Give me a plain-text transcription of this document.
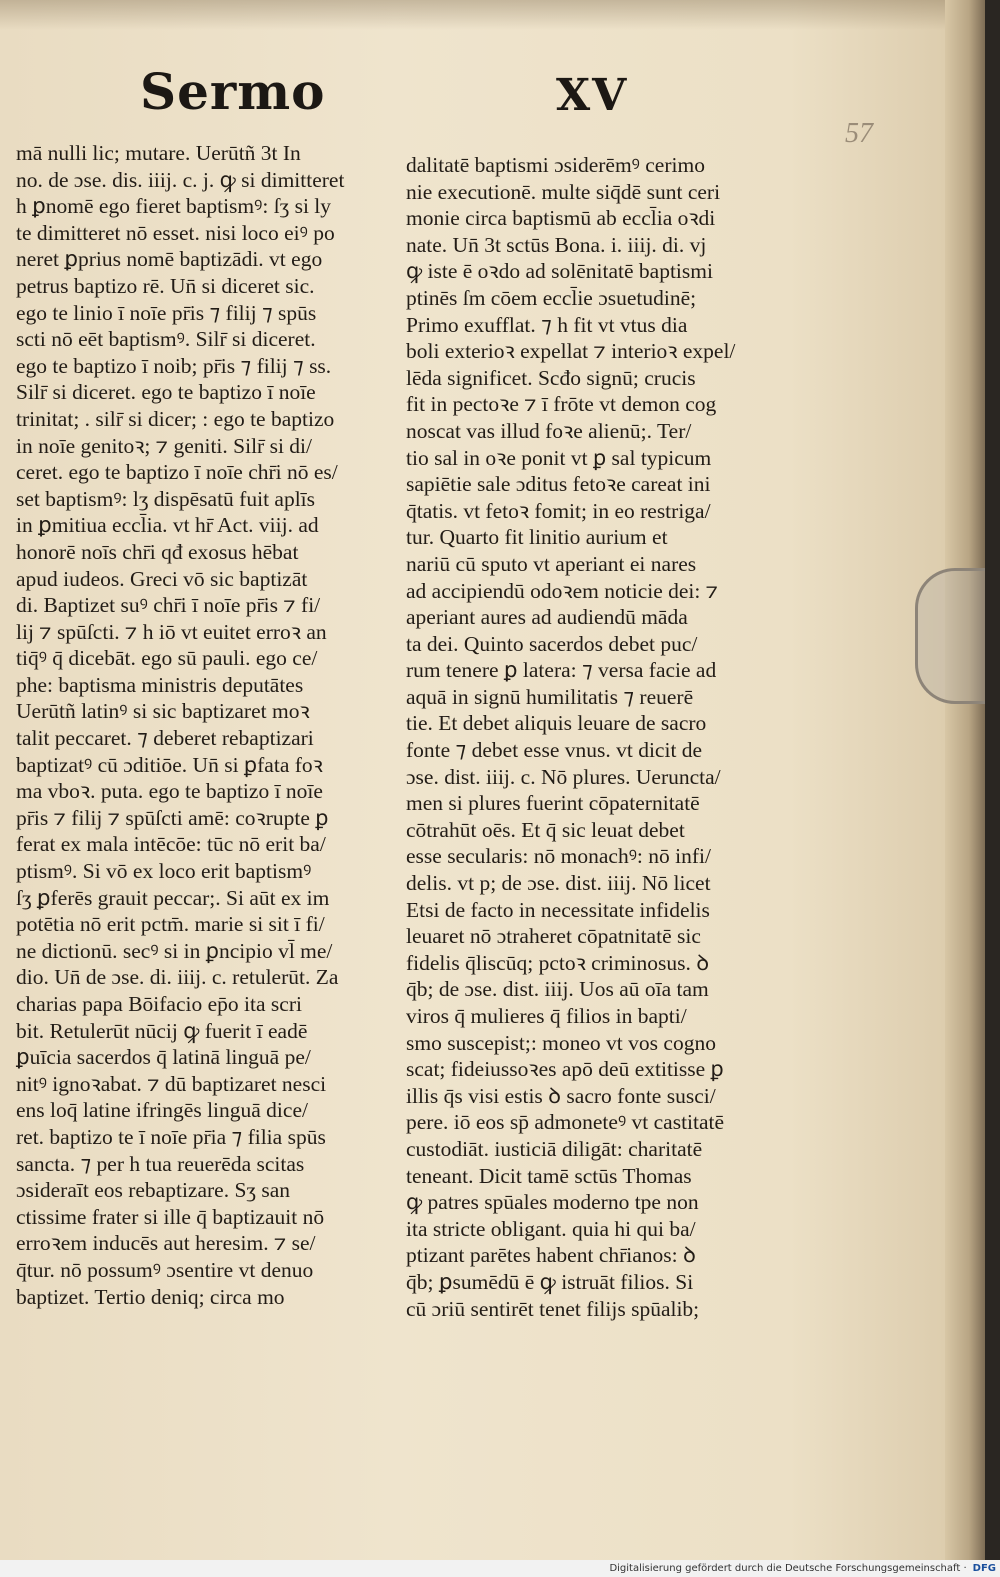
Sermo	XV
57
mā nulli lic; mutare. Uerū​tñ 3t In
no. de ɔse. dis. iiij. c. j. ꝙ si dimitteret
h ꝑnomē ego fieret baptismꝰ: ſʒ si ly
te dimitteret nō esset. nisi loco eiꝰ po
neret ꝑprius nomē baptizādi. vt ego
petrus baptizo rē. Un̄ si diceret sic.
ego te linio ī noīe pr̄is ⁊ filij ⁊ spūs
scti nō eēt baptismꝰ. Silr̄ si diceret.
ego te baptizo ī noib; pr̄is ⁊ filij ⁊ ss.
Silr̄ si diceret. ego te baptizo ī noīe
trinitat; . silr̄ si dicer; : ego te baptizo
in noīe genitoꝛ; ⁊ geniti. Silr̄ si di/
ceret. ego te baptizo ī noīe chr̄i nō es/
set baptismꝰ: lʒ dispēsatū fuit aplīs
in ꝑmitiua eccl̄ia. vt hr̄ Act. viij. ad
honorē noīs chr̄i qđ exosus hēbat
apud iudeos. Greci vō sic baptizāt
di. Baptizet suꝰ chr̄i ī noīe pr̄is ⁊ fi/
lij ⁊ spūſcti. ⁊ h iō vt euitet erroꝛ an
tiq̄ꝰ q̄ dicebāt. ego sū pauli. ego ce/
phe: baptisma ministris deputātes
Uerūtñ latinꝰ si sic baptizaret moꝛ
talit peccaret. ⁊ deberet rebaptizari
baptizatꝰ cū ɔditiōe. Un̄ si ꝑfata foꝛ
ma vboꝛ. puta. ego te baptizo ī noīe
pr̄is ⁊ filij ⁊ spūſcti amē: coꝛrupte ꝑ
ferat ex mala intēcōe: tūc nō erit ba/
ptismꝰ. Si vō ex loco erit baptismꝰ
ſʒ ꝑferēs grauit peccar;. Si aūt ex im
potētia nō erit pctm̄. marie si sit ī fi/
ne dictionū. secꝰ si in ꝑncipio vl̄ me/
dio. Un̄ de ɔse. di. iiij. c. retulerūt. Za
charias papa Bōifacio ep̄o ita scri
bit. Retulerūt nūcij ꝙ fuerit ī eadē
ꝑuīcia sacerdos q̄ latinā linguā pe/
nitꝰ ignoꝛabat. ⁊ dū baptizaret nesci
ens loq̄ latine ifringēs linguā dice/
ret. baptizo te ī noīe pr̄ia ⁊ filia spūs
sancta. ⁊ per h tua reuerēda scitas
ɔsideraīt eos rebaptizare. Sʒ san
ctissime frater si ille q̄ baptizauit nō
erroꝛem inducēs aut heresim. ⁊ se/
q̄tur. nō possumꝰ ɔsentire vt denuo
baptizet. Tertio deniq; circa mo
dalitatē baptismi ɔsiderēmꝰ cerimo
nie executionē. multe siq̄dē sunt ceri
monie circa baptismū ab eccl̄ia oꝛdi
nate. Un̄ 3t sctūs Bona. i. iiij. di. vj
ꝙ iste ē oꝛdo ad solēnitatē baptismi
ptinēs ſm cōem eccl̄ie ɔsuetudinē;
Primo exufflat. ⁊ h fit vt vtus dia
boli exterioꝛ expellat ⁊ interioꝛ expel/
lēda significet. Scđo signū; crucis
fit in pectoꝛe ⁊ ī frōte vt demon cog
noscat vas illud foꝛe alienū;. Ter/
tio sal in oꝛe ponit vt ꝑ sal typicum
sapiētie sale ɔditus fetoꝛe careat ini
q̄tatis. vt fetoꝛ fomit; in eo restriga/
tur. Quarto fit linitio aurium et
nariū cū sputo vt aperiant ei nares
ad accipiendū odoꝛem noticie dei: ⁊
aperiant aures ad audiendū māda
ta dei. Quinto sacerdos debet puc/
rum tenere ꝑ latera: ⁊ versa facie ad
aquā in signū humilitatis ⁊ reuerē
tie. Et debet aliquis leuare de sacro
fonte ⁊ debet esse vnus. vt dicit de
ɔse. dist. iiij. c. Nō plures. Ueruncta/
men si plures fuerint cōpaternitatē
cōtrahūt oēs. Et q̄ sic leuat debet
esse secularis: nō monachꝰ: nō infi/
delis. vt p; de ɔse. dist. iiij. Nō licet
Etsi de facto in necessitate infidelis
leuaret nō ɔtraheret cōpatnitatē sic
fidelis q̄liscūq; pctoꝛ criminosus. ꝺ
q̄b; de ɔse. dist. iiij. Uos aū oīa tam
viros q̄ mulieres q̄ filios in bapti/
smo suscepist;: moneo vt vos cogno
scat; fideiussoꝛes apō deū extitisse ꝑ
illis q̄s visi estis ꝺ sacro fonte susci/
pere. iō eos sp̄ admoneteꝰ vt castitatē
custodiāt. iusticiā diligāt: charitatē
teneant. Dicit tamē sctūs Thomas
ꝙ patres spūales moderno tpe non
ita stricte obligant. quia hi qui ba/
ptizant parētes habent chr̄ianos: ꝺ
q̄b; ꝑsumēdū ē ꝙ istruāt filios. Si
cū ɔriū sentirēt tenet filijs spūalib;
Digitalisierung gefördert durch die Deutsche Forschungsgemeinschaft · DFG
